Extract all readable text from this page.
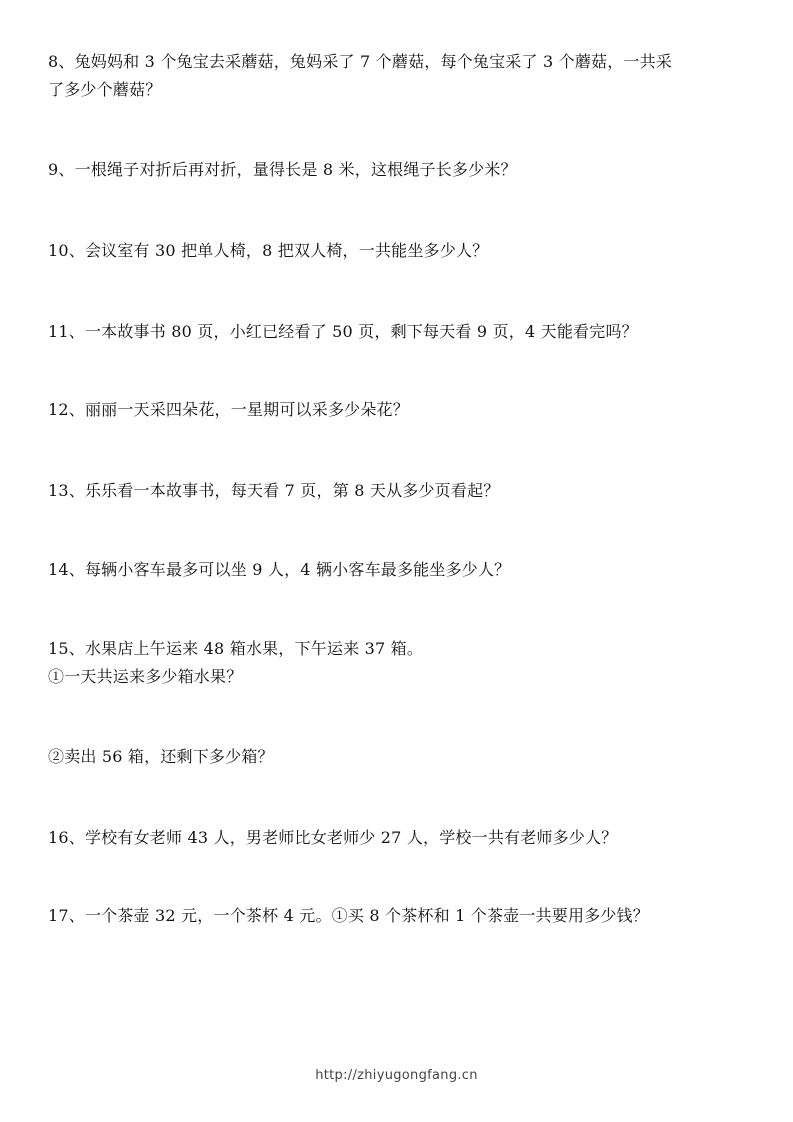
8、兔妈妈和 3 个兔宝去采蘑菇，兔妈采了 7 个蘑菇，每个兔宝采了 3 个蘑菇，一共采
了多少个蘑菇？
9、一根绳子对折后再对折，量得长是 8 米，这根绳子长多少米？
10、会议室有 30 把单人椅，8 把双人椅，一共能坐多少人？
11、一本故事书 80 页，小红已经看了 50 页，剩下每天看 9 页，4 天能看完吗？
12、丽丽一天采四朵花，一星期可以采多少朵花？
13、乐乐看一本故事书，每天看 7 页，第 8 天从多少页看起？
14、每辆小客车最多可以坐 9 人，4 辆小客车最多能坐多少人？
15、水果店上午运来 48 箱水果，下午运来 37 箱。
①一天共运来多少箱水果？
②卖出 56 箱，还剩下多少箱？
16、学校有女老师 43 人，男老师比女老师少 27 人，学校一共有老师多少人？
17、一个茶壶 32 元，一个茶杯 4 元。①买 8 个茶杯和 1 个茶壶一共要用多少钱？
http://zhiyugongfang.cn
